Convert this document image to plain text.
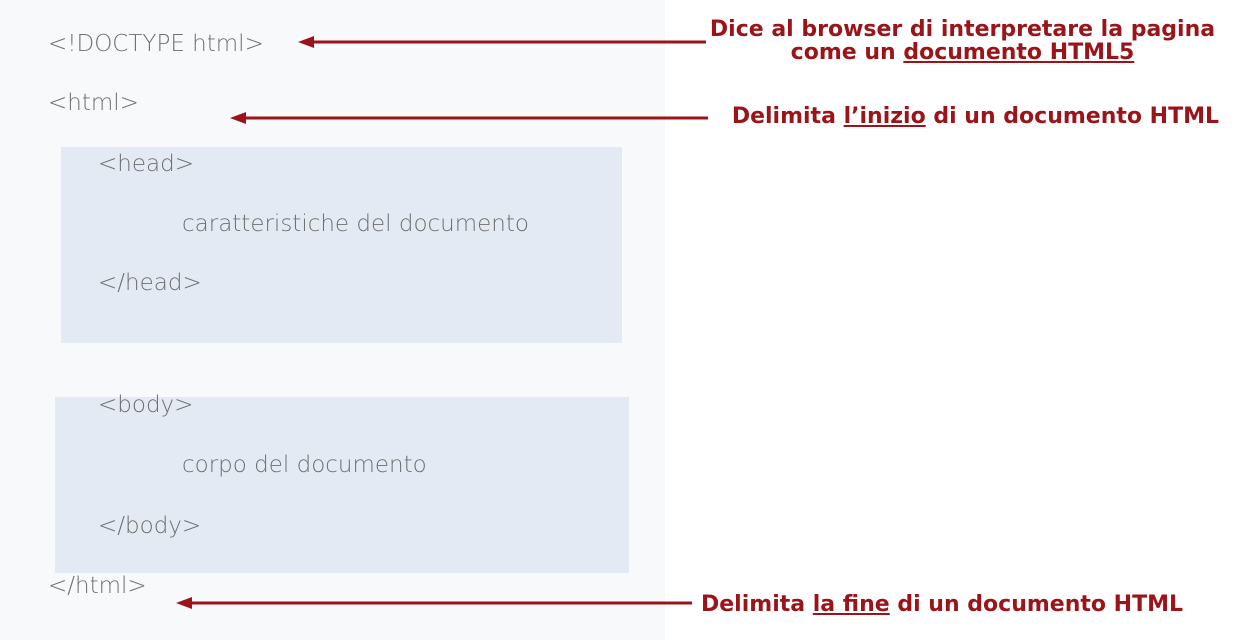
<!DOCTYPE html>
<html>
<head>
caratteristiche del documento
</head>
<body>
corpo del documento
</body>
</html>
Dice al browser di interpretare la pagina
come un documento HTML5
Delimita l’inizio di un documento HTML
Delimita la fine di un documento HTML
